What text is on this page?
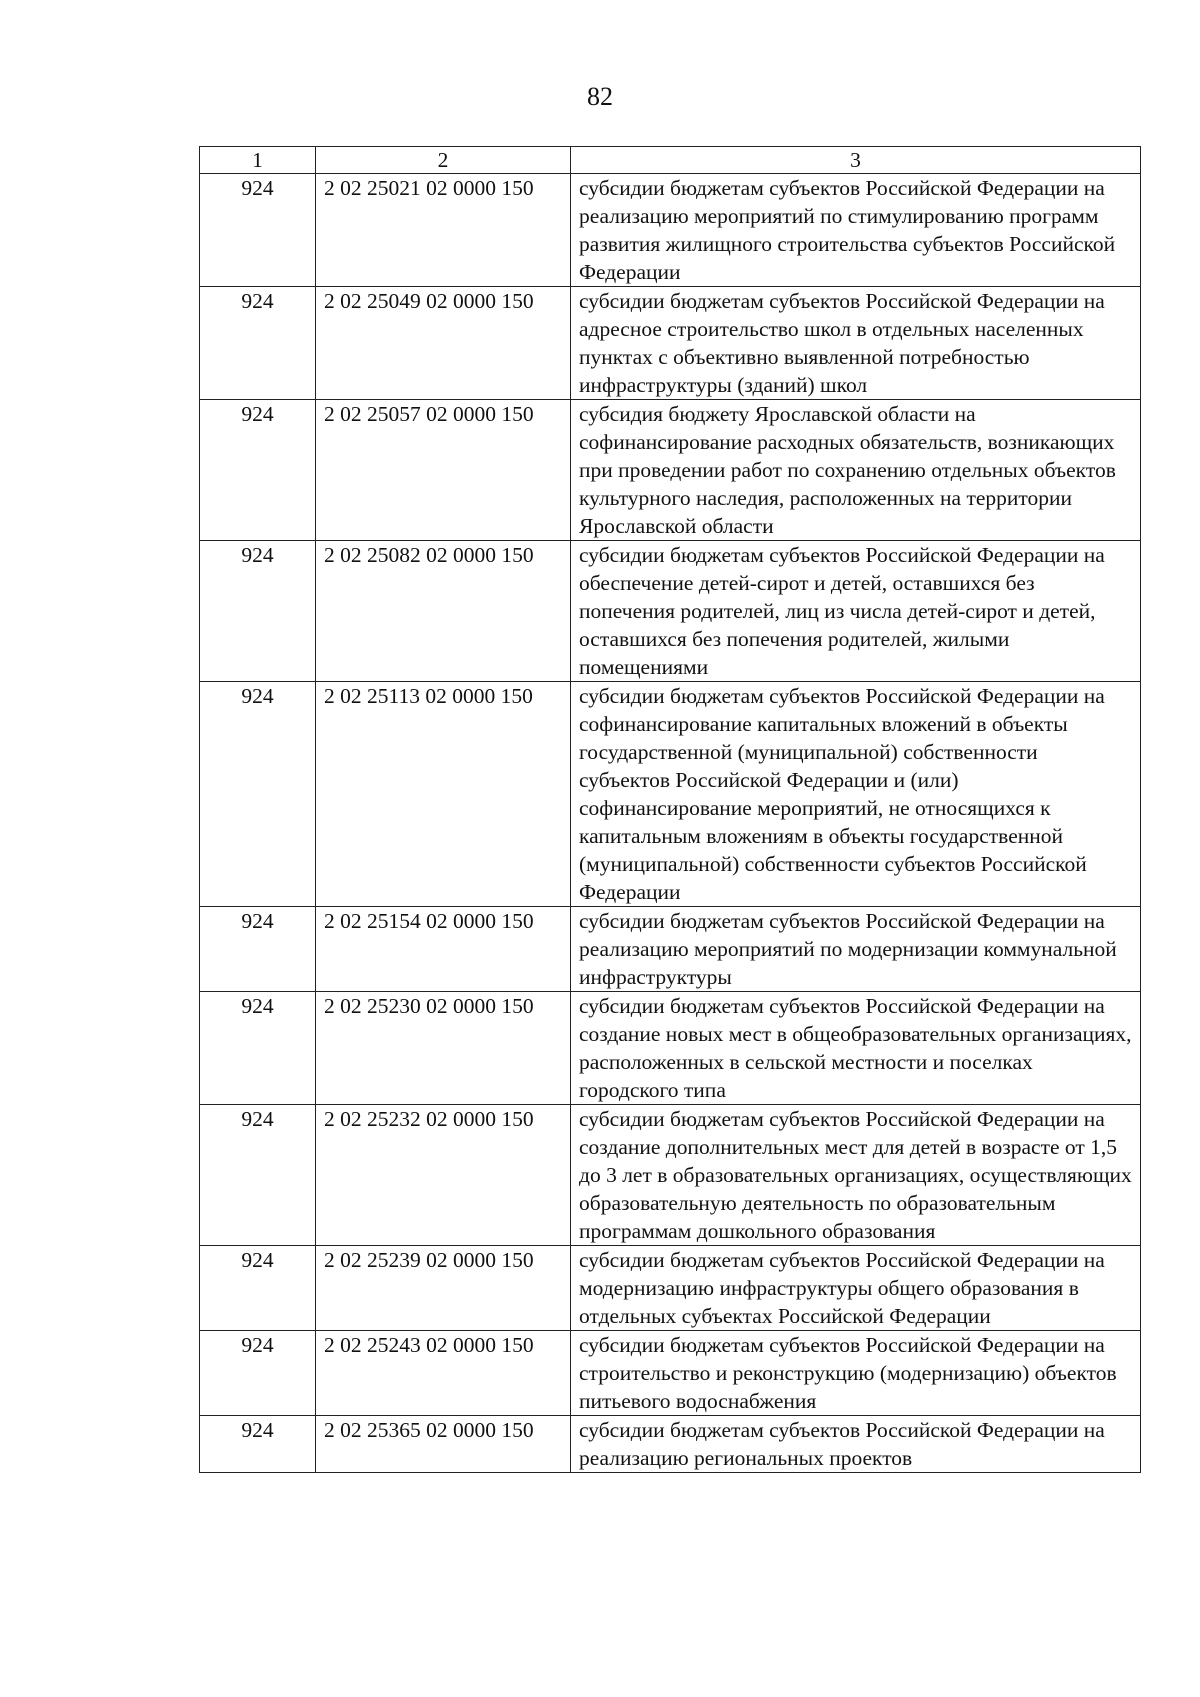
82
1	2	3
924	2 02 25021 02 0000 150	субсидии бюджетам субъектов Российской Федерации на реализацию мероприятий по стимулированию программ развития жилищного строительства субъектов Российской Федерации
924	2 02 25049 02 0000 150	субсидии бюджетам субъектов Российской Федерации на адресное строительство школ в отдельных населенных пунктах с объективно выявленной потребностью инфраструктуры (зданий) школ
924	2 02 25057 02 0000 150	субсидия бюджету Ярославской области на софинансирование расходных обязательств, возникающих при проведении работ по сохранению отдельных объектов культурного наследия, расположенных на территории Ярославской области
924	2 02 25082 02 0000 150	субсидии бюджетам субъектов Российской Федерации на обеспечение детей-сирот и детей, оставшихся без попечения родителей, лиц из числа детей-сирот и детей, оставшихся без попечения родителей, жилыми помещениями
924	2 02 25113 02 0000 150	субсидии бюджетам субъектов Российской Федерации на софинансирование капитальных вложений в объекты государственной (муниципальной) собственности субъектов Российской Федерации и (или) софинансирование мероприятий, не относящихся к капитальным вложениям в объекты государственной (муниципальной) собственности субъектов Российской Федерации
924	2 02 25154 02 0000 150	субсидии бюджетам субъектов Российской Федерации на реализацию мероприятий по модернизации коммунальной инфраструктуры
924	2 02 25230 02 0000 150	субсидии бюджетам субъектов Российской Федерации на создание новых мест в общеобразовательных организациях, расположенных в сельской местности и поселках городского типа
924	2 02 25232 02 0000 150	субсидии бюджетам субъектов Российской Федерации на создание дополнительных мест для детей в возрасте от 1,5 до 3 лет в образовательных организациях, осуществляющих образовательную деятельность по образовательным программам дошкольного образования
924	2 02 25239 02 0000 150	субсидии бюджетам субъектов Российской Федерации на модернизацию инфраструктуры общего образования в отдельных субъектах Российской Федерации
924	2 02 25243 02 0000 150	субсидии бюджетам субъектов Российской Федерации на строительство и реконструкцию (модернизацию) объектов питьевого водоснабжения
924	2 02 25365 02 0000 150	субсидии бюджетам субъектов Российской Федерации на реализацию региональных проектов
